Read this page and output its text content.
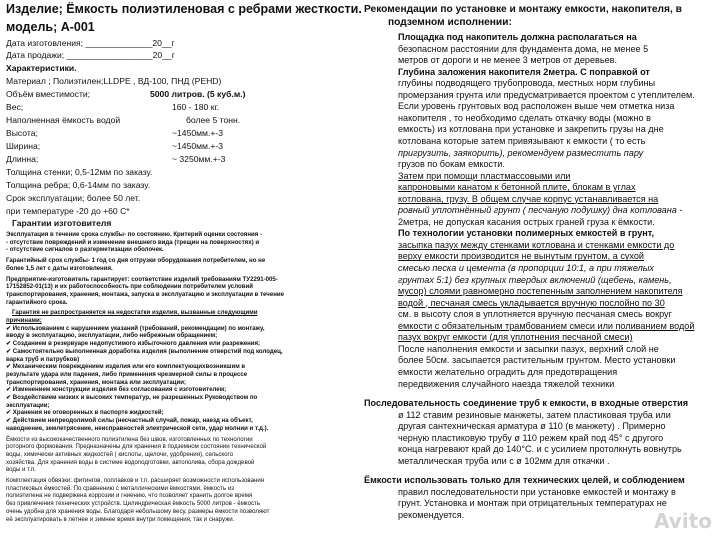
Изделие; Ёмкость полиэтиленовая с ребрами жесткости.
модель; А-001
Дата изготовления; ______________20__г
Дата продажи; __________________20__г
Характеристики.
Материал ; Полиэтилен;LLDPE , ВД-100, ПНД (PEHD)
Объём вместимости;	5000 литров. (5 куб.м.)
Вес;	160 - 180 кг.
Наполненная ёмкость водой	более 5 тонн.
Высота;	~1450мм.+-3
Ширина;	~1450мм.+-3
Длинна;	~ 3250мм.+-3
Толщина стенки; 0,5-12мм по заказу.
Толщина ребра; 0,6-14мм по заказу.
Срок эксплуатации; более 50 лет.
при температуре -20 до +60 С*
Гарантии изготовителя
Эксплуатация в течение срока службы- по состоянию. Критерий оценки состояния -
- отсутствие повреждений и изменение внешнего вида (трещин на поверхностях) и
- отсутствие сигналов о разгерметизации оболочек.
Гарантийный срок службы- 1 год со дня отгрузки оборудования потребителем, но не
более 1,5 лет с даты изготовления.
Предприятие-изготовитель гарантирует: соответствие изделий требованиям ТУ2291-005-
17152852-01(13) и их работоспособность при соблюдении потребителем условий
транспортирования, хранения, монтажа, запуска в эксплуатацию и эксплуатации в течение
гарантийного срока.
Гарантия не распространяется на недостатки изделия, вызванные следующими
причинами;
✔ Использованием с нарушением указаний (требований, рекомендации) по монтажу,
вводу в эксплуатацию, эксплуатации, либо небрежным обращением;
✔ Созданием в резервуаре недопустимого избыточного давления или разрежения;
✔ Самостоятельно выполненная доработка изделия (выполнение отверстий под колодец,
варка труб и патрубков)
✔ Механическим повреждением изделия или его комплектующихвозникшим в
результате удара или падения, либо применения чрезмерной силы в процессе
транспортирования, хранения, монтажа или эксплуатации;
✔ Изменением конструкции изделия без согласования с изготовителем;
✔ Воздействием низких и высоких температур, не разрешенных Руководством по
эксплуатации;
✔ Хранения не оговоренных в паспорте жидкостей;
✔ Действием непреодолимой силы (несчастный случай, пожар, наезд на объект,
наводнение, землетрясение, неисправностей электрической сети, удар молнии и т.д.).
Ёмкости из высококачественного полиэтилена без швов, изготовленных по технологии
роторного формования. Предназначены для хранения в подземном состоянии технической
воды, химически активных жидкостей ( кислоты, щелочи, удобрения), сельского
хозяйства. Для хранения воды в системе водоподготовки, автополива, сбора дождевой
воды и т.п.
Комплектация обвязки: фитингов, поплавков и т.п. расширяет возможности использования
пластиковых ёмкостей. По сравнению с металлическими ёмкостями, ёмкость из
полиэтилена не подвержена коррозии и гниению, что позволяет хранить долгое время
без привлечения технических устройств. Цилиндрическая ёмкость 5000 литров - ёмкость
очень удобна для хранения воды. Благодаря небольшому весу, размеры ёмкости позволяют
её эксплуатировать в летнее и зимнее время внутри помещения, так и снаружи.
Рекомендации по установке и монтажу емкости, накопителя, в
подземном исполнении:
Площадка под накопитель должна располагаться на
безопасном расстоянии для фундамента дома, не менее 5
метров от дороги и не менее 3 метров от деревьев.
Глубина заложения накопителя 2метра. С поправкой от
глубины подводящего трубопровода, местных норм глубины
промерзания грунта или предусматривается проектом с утеплителем.
Если уровень грунтовых вод расположен выше чем отметка низа
накопителя , то необходимо сделать откачку воды (можно в
емкость) из котлована при установке и закрепить грузы на дне
котлована которые затем привязывают к емкости ( то есть
пригрузить, заякорить), рекомендуем разместить пару
грузов по бокам емкости.
Затем при помощи пластмассовыми или
капроновыми канатом к бетонной плите, блокам в углах
котлована, грузу. В общем случае корпус устанавливается на
ровный уплотнённый грунт ( песчаную подушку) дна котлована -
2метра, не допуская касания острых граней груза к ёмкости.
По технологии установки полимерных емкостей в грунт,
засыпка пазух между стенками котлована и стенками емкости до
верху емкости производится не вынутым грунтом, а сухой
смесью песка и цемента (в пропорции 10:1, а при тяжелых
грунтах 5:1) без крупных твердых включений (щебень, камень,
мусор) слоями равномерно постепенным заполнением накопителя
водой , песчаная смесь укладывается вручную послойно по 30
см. в высоту слоя в уплотняется вручную песчаная смесь вокруг
емкости с обязательным трамбованием смеси или поливанием водой
пазух вокруг емкости (для уплотнения песчаной смеси)
После наполнения емкости и засыпки пазух, верхний слой не
более 50см. засыпается растительным грунтом. Место установки
емкости желательно оградить для предотвращения
передвижения случайного наезда тяжелой техники
Последовательность соединение труб к емкости, в входные отверстия
ø 112 ставим резиновые манжеты, затем пластиковая труба или
другая сантехническая арматура ø 110 (в манжету) . Примерно
черную пластиковую трубу ø 110 режем край под 45° с другого
конца нагревают край до 140°С. и с усилием протолкнуть вовнутрь
металлическая труба или с ø 102мм для откачки .
Ёмкости использовать только для технических целей, и соблюдением
правил последовательности при установке емкостей и монтажу в
грунт. Установка и монтаж при отрицательных температурах не
рекомендуется.	Avito
